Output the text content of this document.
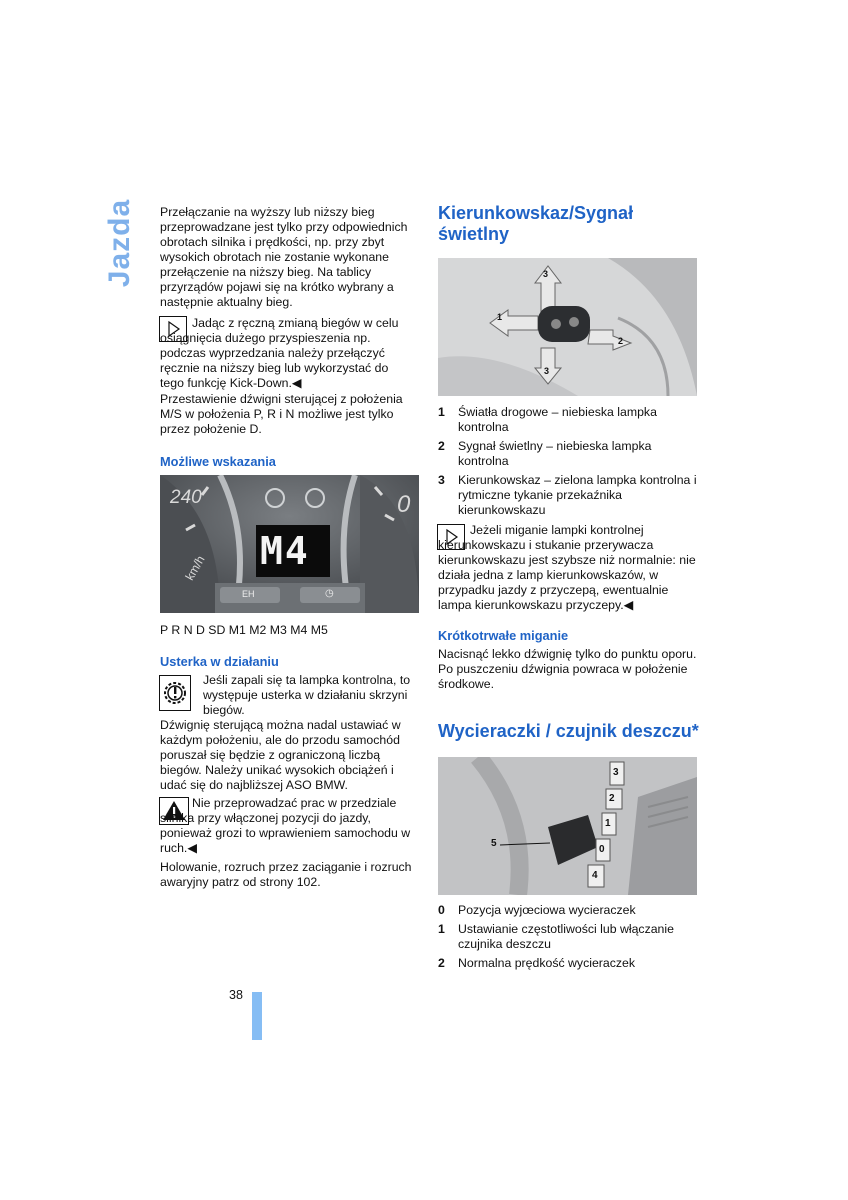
Jazda Przełączanie na wyższy lub niższy bieg przeprowadzane jest tylko przy odpowiednich obrotach silnika i prędkości, np. przy zbyt wysokich obrotach nie zostanie wykonane przełączenie na niższy bieg. Na tablicy przyrządów pojawi się na krótko wybrany a następnie aktualny bieg.

Jadąc z ręczną zmianą biegów w celu osiągnięcia dużego przyspieszenia np. podczas wyprzedzania należy przełączyć ręcznie na niższy bieg lub wykorzystać do tego funkcję Kick-Down.◀

Przestawienie dźwigni sterującej z położenia M/S w położenia P, R i N możliwe jest tylko przez położenie D.

Możliwe wskazania

240	0
km/h M4
EH	◷

P R N D SD M1 M2 M3 M4 M5

Usterka w działaniu

Jeśli zapali się ta lampka kontrolna, to występuje usterka w działaniu skrzyni biegów.

Dźwignię sterującą można nadal ustawiać w każdym położeniu, ale do przodu samochód poruszał się będzie z ograniczoną liczbą biegów. Należy unikać wysokich obciążeń i udać się do najbliższej ASO BMW.

Nie przeprowadzać prac w przedziale silnika przy włączonej pozycji do jazdy, ponieważ grozi to wprawieniem samochodu w ruch.◀

Holowanie, rozruch przez zaciąganie i rozruch awaryjny patrz od strony 102.

Kierunkowskaz/Sygnał świetlny

3
1
2
3
1	Światła drogowe – niebieska lampka kontrolna
2	Sygnał świetlny – niebieska lampka kontrolna
3	Kierunkowskaz – zielona lampka kontrolna i rytmiczne tykanie przekaźnika kierunkowskazu

Jeżeli miganie lampki kontrolnej kierunkowskazu i stukanie przerywacza kierunkowskazu jest szybsze niż normalnie: nie działa jedna z lamp kierunkowskazów, w przypadku jazdy z przyczepą, ewentualnie lampa kierunkowskazu przyczepy.◀

Krótkotrwałe miganie

Nacisnąć lekko dźwignię tylko do punktu oporu. Po puszczeniu dźwignia powraca w położenie środkowe.

Wycieraczki / czujnik deszczu*

5
3
2
1
0
4
0	Pozycja wyjœciowa wycieraczek
1	Ustawianie częstotliwości lub włączanie czujnika deszczu
2	Normalna prędkość wycieraczek
38
